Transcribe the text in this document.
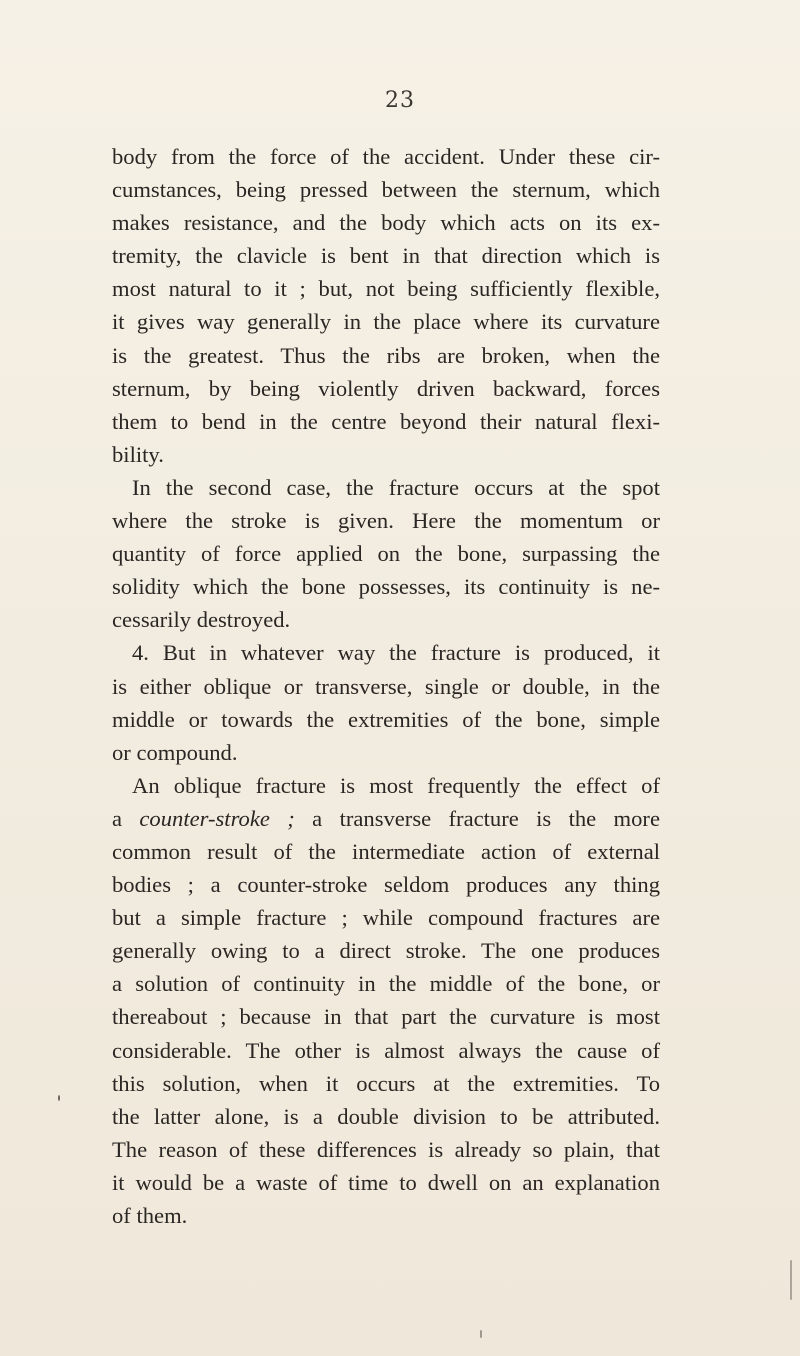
23
body from the force of the accident. Under these cir-
cumstances, being pressed between the sternum, which
makes resistance, and the body which acts on its ex-
tremity, the clavicle is bent in that direction which is
most natural to it ; but, not being sufficiently flexible,
it gives way generally in the place where its curvature
is the greatest. Thus the ribs are broken, when the
sternum, by being violently driven backward, forces
them to bend in the centre beyond their natural flexi-
bility.
In the second case, the fracture occurs at the spot
where the stroke is given. Here the momentum or
quantity of force applied on the bone, surpassing the
solidity which the bone possesses, its continuity is ne-
cessarily destroyed.
4. But in whatever way the fracture is produced, it
is either oblique or transverse, single or double, in the
middle or towards the extremities of the bone, simple
or compound.
An oblique fracture is most frequently the effect of
a counter-stroke ; a transverse fracture is the more
common result of the intermediate action of external
bodies ; a counter-stroke seldom produces any thing
but a simple fracture ; while compound fractures are
generally owing to a direct stroke. The one produces
a solution of continuity in the middle of the bone, or
thereabout ; because in that part the curvature is most
considerable. The other is almost always the cause of
this solution, when it occurs at the extremities. To
the latter alone, is a double division to be attributed.
The reason of these differences is already so plain, that
it would be a waste of time to dwell on an explanation
of them.
